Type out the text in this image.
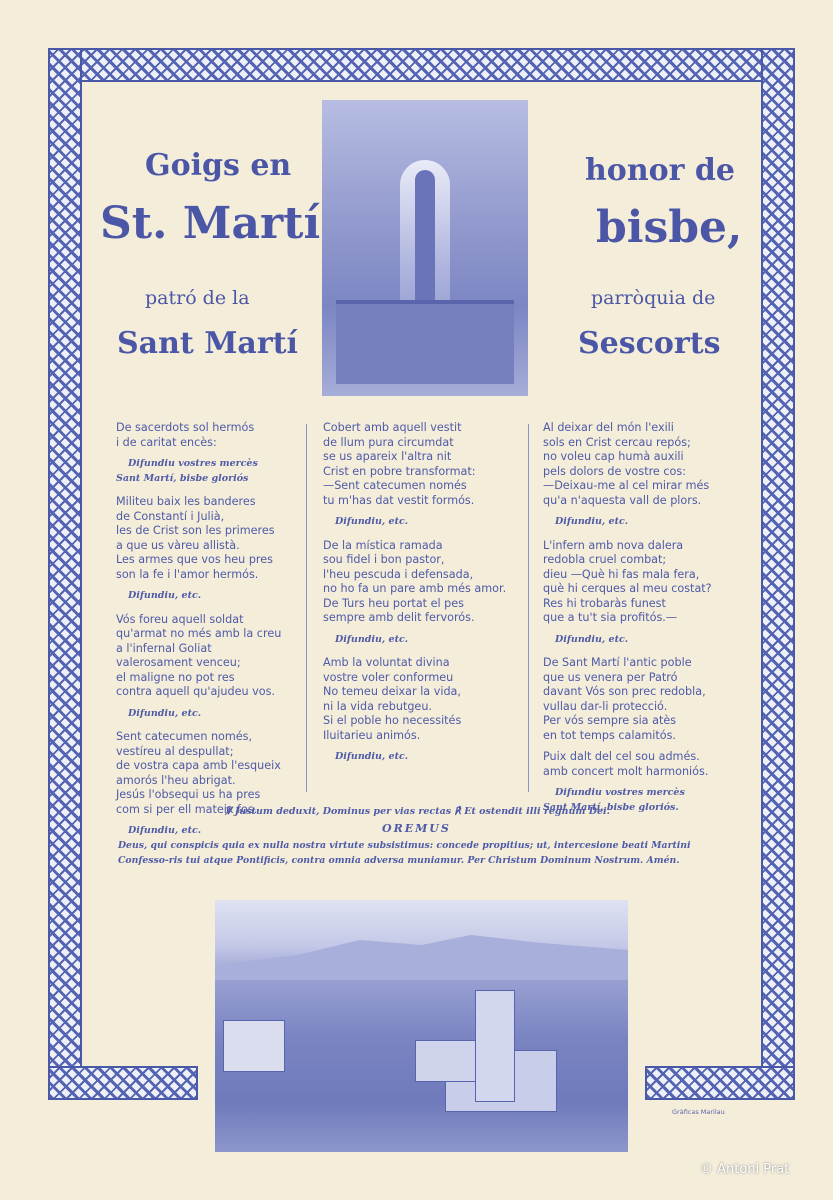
Goigs en
St. Martí
patró de la
Sant Martí
honor de
bisbe,
parròquia de
Sescorts
De sacerdots sol hermós
i de caritat encès:
Difundiu vostres mercès
Sant Martí, bisbe gloriós
Militeu baix les banderes
de Constantí i Julià,
les de Crist son les primeres
a que us vàreu allistà.
Les armes que vos heu pres
son la fe i l'amor hermós.
Difundiu, etc.
Vós foreu aquell soldat
qu'armat no més amb la creu
a l'infernal Goliat
valerosament venceu;
el maligne no pot res
contra aquell qu'ajudeu vos.
Difundiu, etc.
Sent catecumen només,
vestíreu al despullat;
de vostra capa amb l'esqueix
amorós l'heu abrigat.
Jesús l'obsequi us ha pres
com si per ell mateix fos.
Difundiu, etc.
Cobert amb aquell vestit
de llum pura circumdat
se us apareix l'altra nit
Crist en pobre transformat:
—Sent catecumen només
tu m'has dat vestit formós.
Difundiu, etc.
De la mística ramada
sou fidel i bon pastor,
l'heu pescuda i defensada,
no ho fa un pare amb més amor.
De Turs heu portat el pes
sempre amb delit fervorós.
Difundiu, etc.
Amb la voluntat divina
vostre voler conformeu
No temeu deixar la vida,
ni la vida rebutgeu.
Si el poble ho necessités
Iluitarieu animós.
Difundiu, etc.
Al deixar del món l'exili
sols en Crist cercau repós;
no voleu cap humà auxili
pels dolors de vostre cos:
—Deixau-me al cel mirar més
qu'a n'aquesta vall de plors.
Difundiu, etc.
L'infern amb nova dalera
redobla cruel combat;
dieu —Què hi fas mala fera,
què hi cerques al meu costat?
Res hi trobaràs funest
que a tu't sia profitós.—
Difundiu, etc.
De Sant Martí l'antic poble
que us venera per Patró
davant Vós son prec redobla,
vullau dar-li protecció.
Per vós sempre sia atès
en tot temps calamitós.
Puix dalt del cel sou admés.
amb concert molt harmoniós.
Difundiu vostres mercès
Sant Martí, bisbe gloriós.
℣ Justum deduxit, Dominus per vias rectas ℟ Et ostendit illi regnum Dei.
OREMUS
Deus, qui conspicis quia ex nulla nostra virtute subsistimus: concede propitius; ut, intercesione beati Martini Confesso-ris tui atque Pontificis, contra omnia adversa muniamur. Per Christum Dominum Nostrum. Amén.
Gràficas Marilau
© Antoni Prat
